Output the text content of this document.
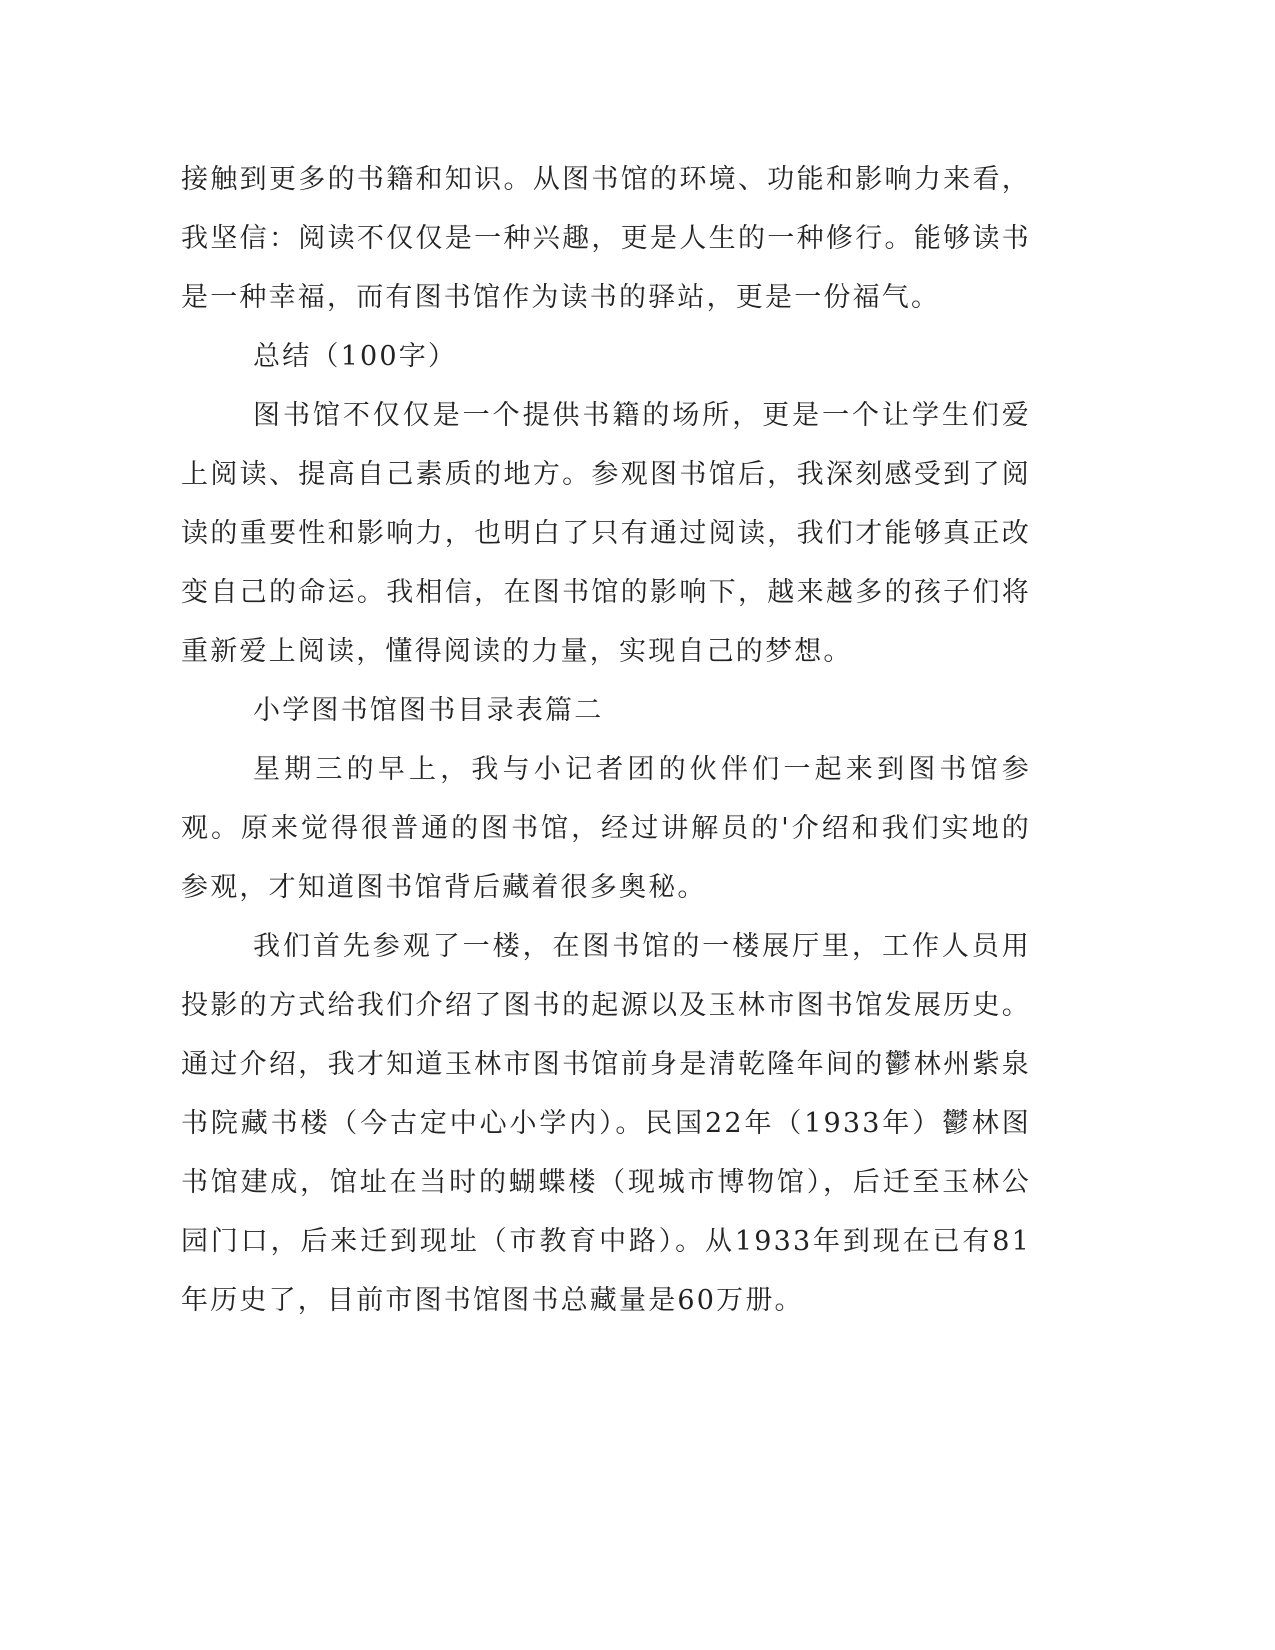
接触到更多的书籍和知识。从图书馆的环境、功能和影响力来看，我坚信：阅读不仅仅是一种兴趣，更是人生的一种修行。能够读书是一种幸福，而有图书馆作为读书的驿站，更是一份福气。

总结（100字）

图书馆不仅仅是一个提供书籍的场所，更是一个让学生们爱上阅读、提高自己素质的地方。参观图书馆后，我深刻感受到了阅读的重要性和影响力，也明白了只有通过阅读，我们才能够真正改变自己的命运。我相信，在图书馆的影响下，越来越多的孩子们将重新爱上阅读，懂得阅读的力量，实现自己的梦想。

小学图书馆图书目录表篇二

星期三的早上，我与小记者团的伙伴们一起来到图书馆参观。原来觉得很普通的图书馆，经过讲解员的'介绍和我们实地的参观，才知道图书馆背后藏着很多奥秘。

我们首先参观了一楼，在图书馆的一楼展厅里，工作人员用投影的方式给我们介绍了图书的起源以及玉林市图书馆发展历史。通过介绍，我才知道玉林市图书馆前身是清乾隆年间的鬱林州紫泉书院藏书楼（今古定中心小学内）。民国22年（1933年）鬱林图书馆建成，馆址在当时的蝴蝶楼（现城市博物馆），后迁至玉林公园门口，后来迁到现址（市教育中路）。从1933年到现在已有81年历史了，目前市图书馆图书总藏量是60万册。
